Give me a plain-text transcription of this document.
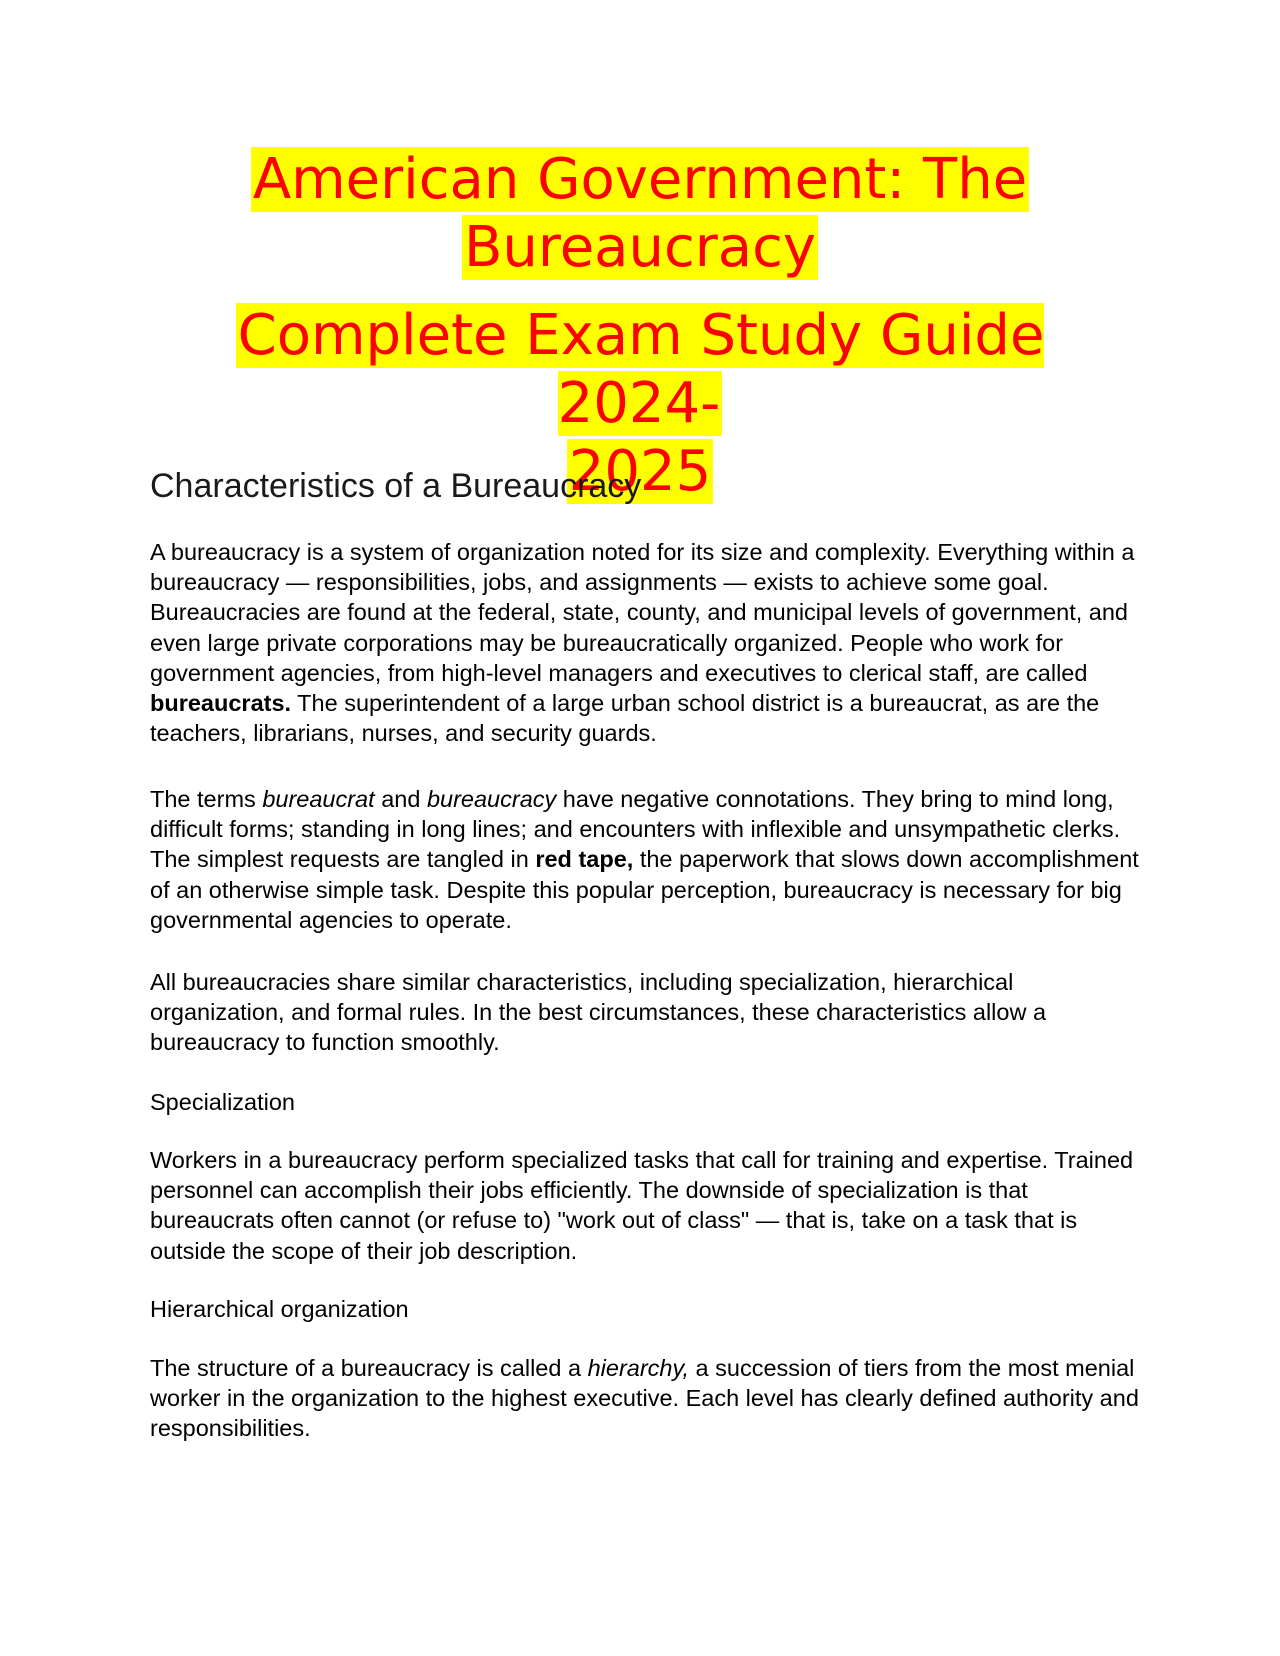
American Government: The
Bureaucracy
Complete Exam Study Guide 2024-
2025
Characteristics of a Bureaucracy
A bureaucracy is a system of organization noted for its size and complexity. Everything within a bureaucracy — responsibilities, jobs, and assignments — exists to achieve some goal. Bureaucracies are found at the federal, state, county, and municipal levels of government, and even large private corporations may be bureaucratically organized. People who work for government agencies, from high-level managers and executives to clerical staff, are called bureaucrats. The superintendent of a large urban school district is a bureaucrat, as are the teachers, librarians, nurses, and security guards.
The terms bureaucrat and bureaucracy have negative connotations. They bring to mind long, difficult forms; standing in long lines; and encounters with inflexible and unsympathetic clerks. The simplest requests are tangled in red tape, the paperwork that slows down accomplishment of an otherwise simple task. Despite this popular perception, bureaucracy is necessary for big governmental agencies to operate.
All bureaucracies share similar characteristics, including specialization, hierarchical organization, and formal rules. In the best circumstances, these characteristics allow a bureaucracy to function smoothly.
Specialization
Workers in a bureaucracy perform specialized tasks that call for training and expertise. Trained personnel can accomplish their jobs efficiently. The downside of specialization is that bureaucrats often cannot (or refuse to) "work out of class" — that is, take on a task that is outside the scope of their job description.
Hierarchical organization
The structure of a bureaucracy is called a hierarchy, a succession of tiers from the most menial worker in the organization to the highest executive. Each level has clearly defined authority and responsibilities.
